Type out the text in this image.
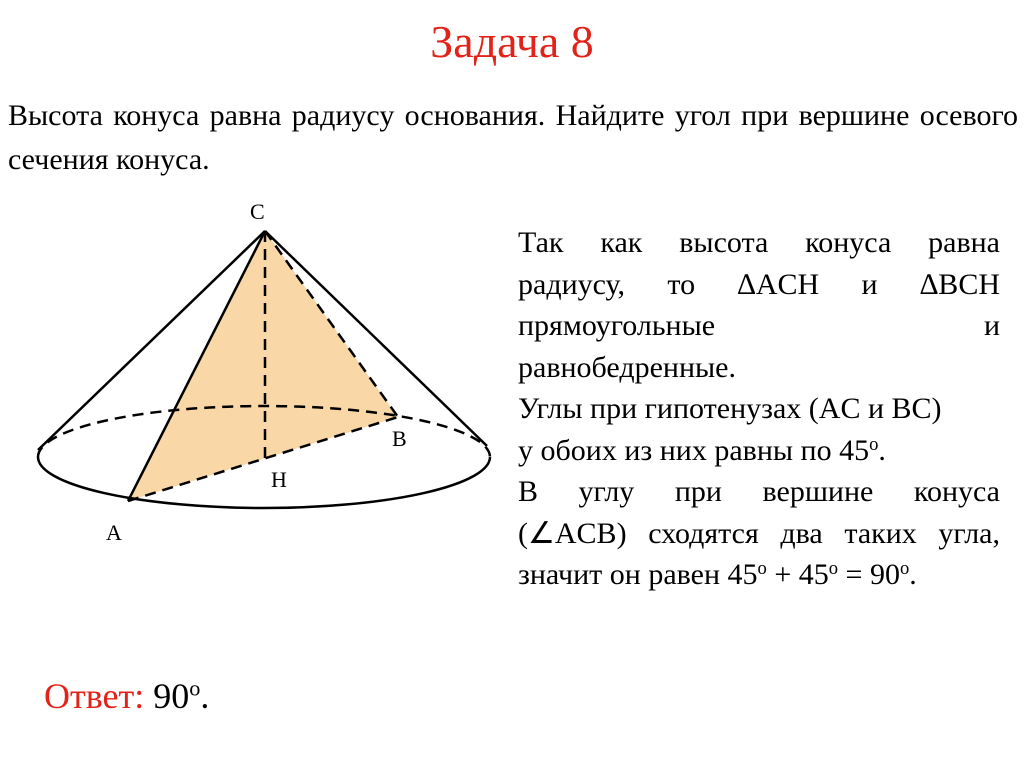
Задача 8
Высота конуса равна радиусу основания. Найдите угол при вершине осевого сечения конуса.
C
B
H
A

Так как высота конуса равна

радиусу, то ∆ACH и ∆BCH

прямоугольные и

равнобедренные.

Углы при гипотенузах (AC и BC)

у обоих из них равны по 45$^o$.

В углу при вершине конуса

(∠ACB) сходятся два таких угла,

значит он равен $45^o + 45^o = 90^o$.

Ответ: 90$^o$.
